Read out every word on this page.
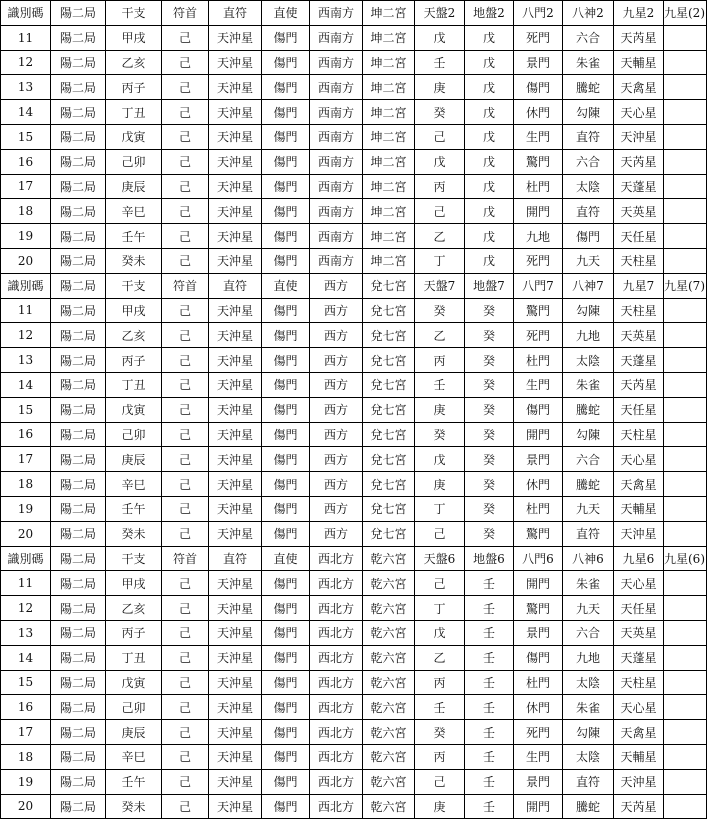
識別碼	陽二局	干支	符首	直符	直使	西南方	坤二宮	天盤2	地盤2	八門2	八神2	九星2	九星(2)
11	陽二局	甲戌	己	天沖星	傷門	西南方	坤二宮	戊	戊	死門	六合	天芮星	
12	陽二局	乙亥	己	天沖星	傷門	西南方	坤二宮	壬	戊	景門	朱雀	天輔星	
13	陽二局	丙子	己	天沖星	傷門	西南方	坤二宮	庚	戊	傷門	騰蛇	天禽星	
14	陽二局	丁丑	己	天沖星	傷門	西南方	坤二宮	癸	戊	休門	勾陳	天心星	
15	陽二局	戊寅	己	天沖星	傷門	西南方	坤二宮	己	戊	生門	直符	天沖星	
16	陽二局	己卯	己	天沖星	傷門	西南方	坤二宮	戊	戊	驚門	六合	天芮星	
17	陽二局	庚辰	己	天沖星	傷門	西南方	坤二宮	丙	戊	杜門	太陰	天蓬星	
18	陽二局	辛巳	己	天沖星	傷門	西南方	坤二宮	己	戊	開門	直符	天英星	
19	陽二局	壬午	己	天沖星	傷門	西南方	坤二宮	乙	戊	九地	傷門	天任星	
20	陽二局	癸未	己	天沖星	傷門	西南方	坤二宮	丁	戊	死門	九天	天柱星	
識別碼	陽二局	干支	符首	直符	直使	西方	兌七宮	天盤7	地盤7	八門7	八神7	九星7	九星(7)
11	陽二局	甲戌	己	天沖星	傷門	西方	兌七宮	癸	癸	驚門	勾陳	天柱星	
12	陽二局	乙亥	己	天沖星	傷門	西方	兌七宮	乙	癸	死門	九地	天英星	
13	陽二局	丙子	己	天沖星	傷門	西方	兌七宮	丙	癸	杜門	太陰	天蓬星	
14	陽二局	丁丑	己	天沖星	傷門	西方	兌七宮	壬	癸	生門	朱雀	天芮星	
15	陽二局	戊寅	己	天沖星	傷門	西方	兌七宮	庚	癸	傷門	騰蛇	天任星	
16	陽二局	己卯	己	天沖星	傷門	西方	兌七宮	癸	癸	開門	勾陳	天柱星	
17	陽二局	庚辰	己	天沖星	傷門	西方	兌七宮	戊	癸	景門	六合	天心星	
18	陽二局	辛巳	己	天沖星	傷門	西方	兌七宮	庚	癸	休門	騰蛇	天禽星	
19	陽二局	壬午	己	天沖星	傷門	西方	兌七宮	丁	癸	杜門	九天	天輔星	
20	陽二局	癸未	己	天沖星	傷門	西方	兌七宮	己	癸	驚門	直符	天沖星	
識別碼	陽二局	干支	符首	直符	直使	西北方	乾六宮	天盤6	地盤6	八門6	八神6	九星6	九星(6)
11	陽二局	甲戌	己	天沖星	傷門	西北方	乾六宮	己	壬	開門	朱雀	天心星	
12	陽二局	乙亥	己	天沖星	傷門	西北方	乾六宮	丁	壬	驚門	九天	天任星	
13	陽二局	丙子	己	天沖星	傷門	西北方	乾六宮	戊	壬	景門	六合	天英星	
14	陽二局	丁丑	己	天沖星	傷門	西北方	乾六宮	乙	壬	傷門	九地	天蓬星	
15	陽二局	戊寅	己	天沖星	傷門	西北方	乾六宮	丙	壬	杜門	太陰	天柱星	
16	陽二局	己卯	己	天沖星	傷門	西北方	乾六宮	壬	壬	休門	朱雀	天心星	
17	陽二局	庚辰	己	天沖星	傷門	西北方	乾六宮	癸	壬	死門	勾陳	天禽星	
18	陽二局	辛巳	己	天沖星	傷門	西北方	乾六宮	丙	壬	生門	太陰	天輔星	
19	陽二局	壬午	己	天沖星	傷門	西北方	乾六宮	己	壬	景門	直符	天沖星	
20	陽二局	癸未	己	天沖星	傷門	西北方	乾六宮	庚	壬	開門	騰蛇	天芮星	
